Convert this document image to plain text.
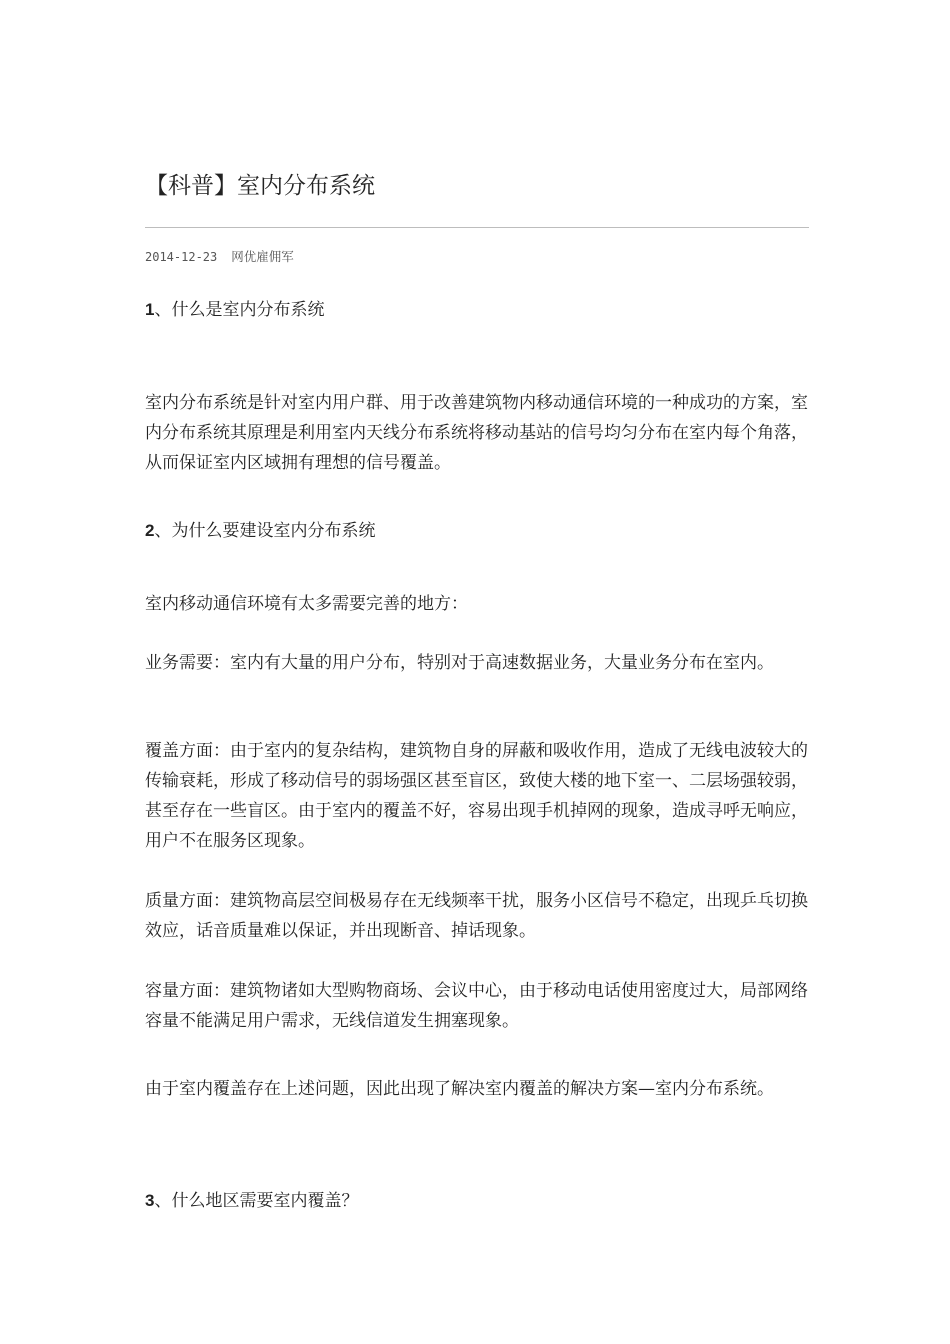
【科普】室内分布系统
2014-12-23 网优雇佣军
1、什么是室内分布系统

室内分布系统是针对室内用户群、用于改善建筑物内移动通信环境的一种成功的方案，室内分布系统其原理是利用室内天线分布系统将移动基站的信号均匀分布在室内每个角落，从而保证室内区域拥有理想的信号覆盖。

2、为什么要建设室内分布系统

室内移动通信环境有太多需要完善的地方：

业务需要：室内有大量的用户分布，特别对于高速数据业务，大量业务分布在室内。

覆盖方面：由于室内的复杂结构，建筑物自身的屏蔽和吸收作用，造成了无线电波较大的传输衰耗，形成了移动信号的弱场强区甚至盲区，致使大楼的地下室一、二层场强较弱，甚至存在一些盲区。由于室内的覆盖不好，容易出现手机掉网的现象，造成寻呼无响应，用户不在服务区现象。

质量方面：建筑物高层空间极易存在无线频率干扰，服务小区信号不稳定，出现乒乓切换效应，话音质量难以保证，并出现断音、掉话现象。

容量方面：建筑物诸如大型购物商场、会议中心，由于移动电话使用密度过大，局部网络容量不能满足用户需求，无线信道发生拥塞现象。

由于室内覆盖存在上述问题，因此出现了解决室内覆盖的解决方案—室内分布系统。

3、什么地区需要室内覆盖？
